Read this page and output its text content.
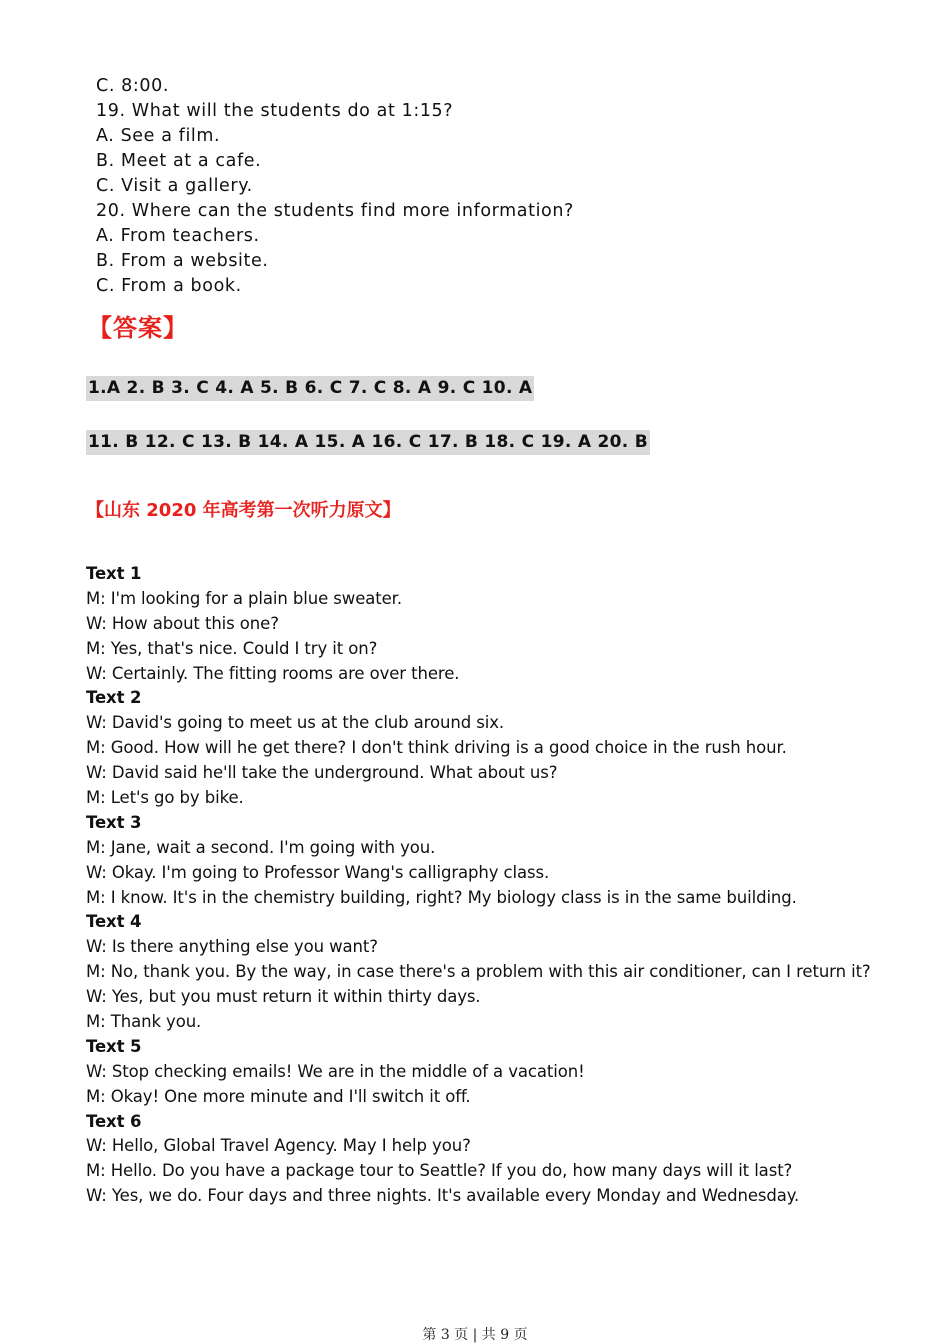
C. 8:00.
19. What will the students do at 1:15?
A. See a film.
B. Meet at a cafe.
C. Visit a gallery.
20. Where can the students find more information?
A. From teachers.
B. From a website.
C. From a book.
【答案】
1.A 2. B 3. C 4. A 5. B 6. C 7. C 8. A 9. C 10. A
11. B 12. C 13. B 14. A 15. A 16. C 17. B 18. C 19. A 20. B
【山东 2020 年高考第一次听力原文】
Text 1
M: I'm looking for a plain blue sweater.
W: How about this one?
M: Yes, that's nice. Could I try it on?
W: Certainly. The fitting rooms are over there.
Text 2
W: David's going to meet us at the club around six.
M: Good. How will he get there? I don't think driving is a good choice in the rush hour.
W: David said he'll take the underground. What about us?
M: Let's go by bike.
Text 3
M: Jane, wait a second. I'm going with you.
W: Okay. I'm going to Professor Wang's calligraphy class.
M: I know. It's in the chemistry building, right? My biology class is in the same building.
Text 4
W: Is there anything else you want?
M: No, thank you. By the way, in case there's a problem with this air conditioner, can I return it?
W: Yes, but you must return it within thirty days.
M: Thank you.
Text 5
W: Stop checking emails! We are in the middle of a vacation!
M: Okay! One more minute and I'll switch it off.
Text 6
W: Hello, Global Travel Agency. May I help you?
M: Hello. Do you have a package tour to Seattle? If you do, how many days will it last?
W: Yes, we do. Four days and three nights. It's available every Monday and Wednesday.
第 3 页 | 共 9 页
